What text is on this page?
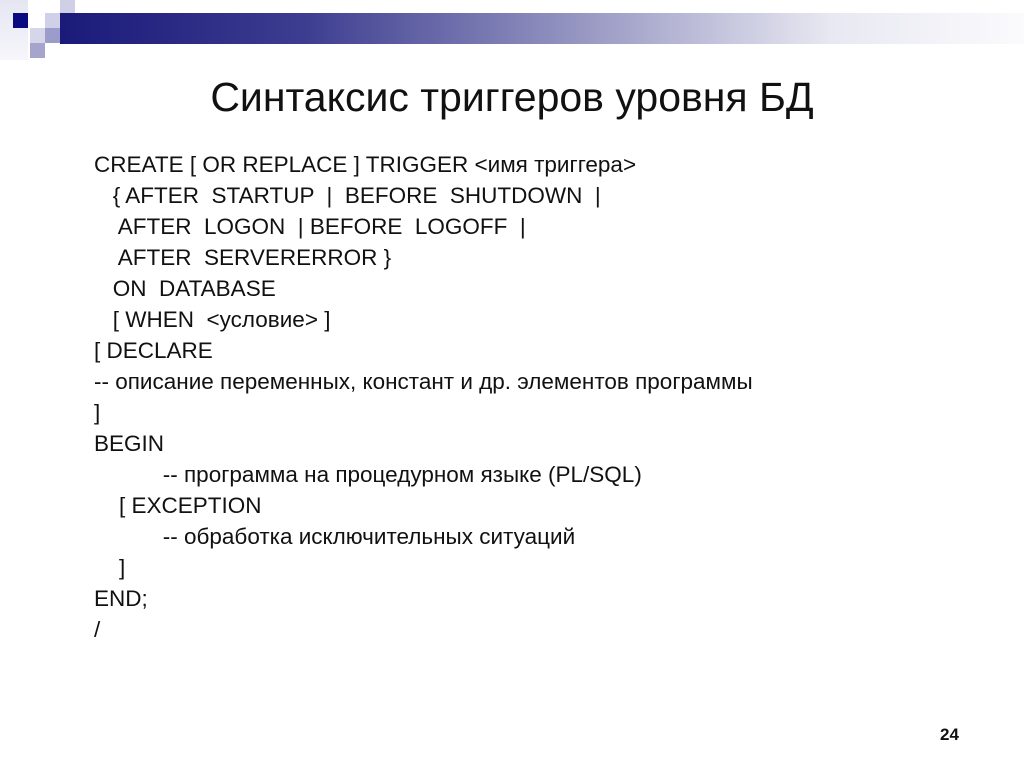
Синтаксис триггеров уровня БД
CREATE [ OR REPLACE ] TRIGGER <имя триггера>
{ AFTER  STARTUP  |  BEFORE  SHUTDOWN  |
AFTER  LOGON  | BEFORE  LOGOFF  |
AFTER  SERVERERROR }
ON  DATABASE
[ WHEN  <условие> ]
[ DECLARE
-- описание переменных, констант и др. элементов программы
]
BEGIN
-- программа на процедурном языке (PL/SQL)
[ EXCEPTION
-- обработка исключительных ситуаций
]
END;
/
24
